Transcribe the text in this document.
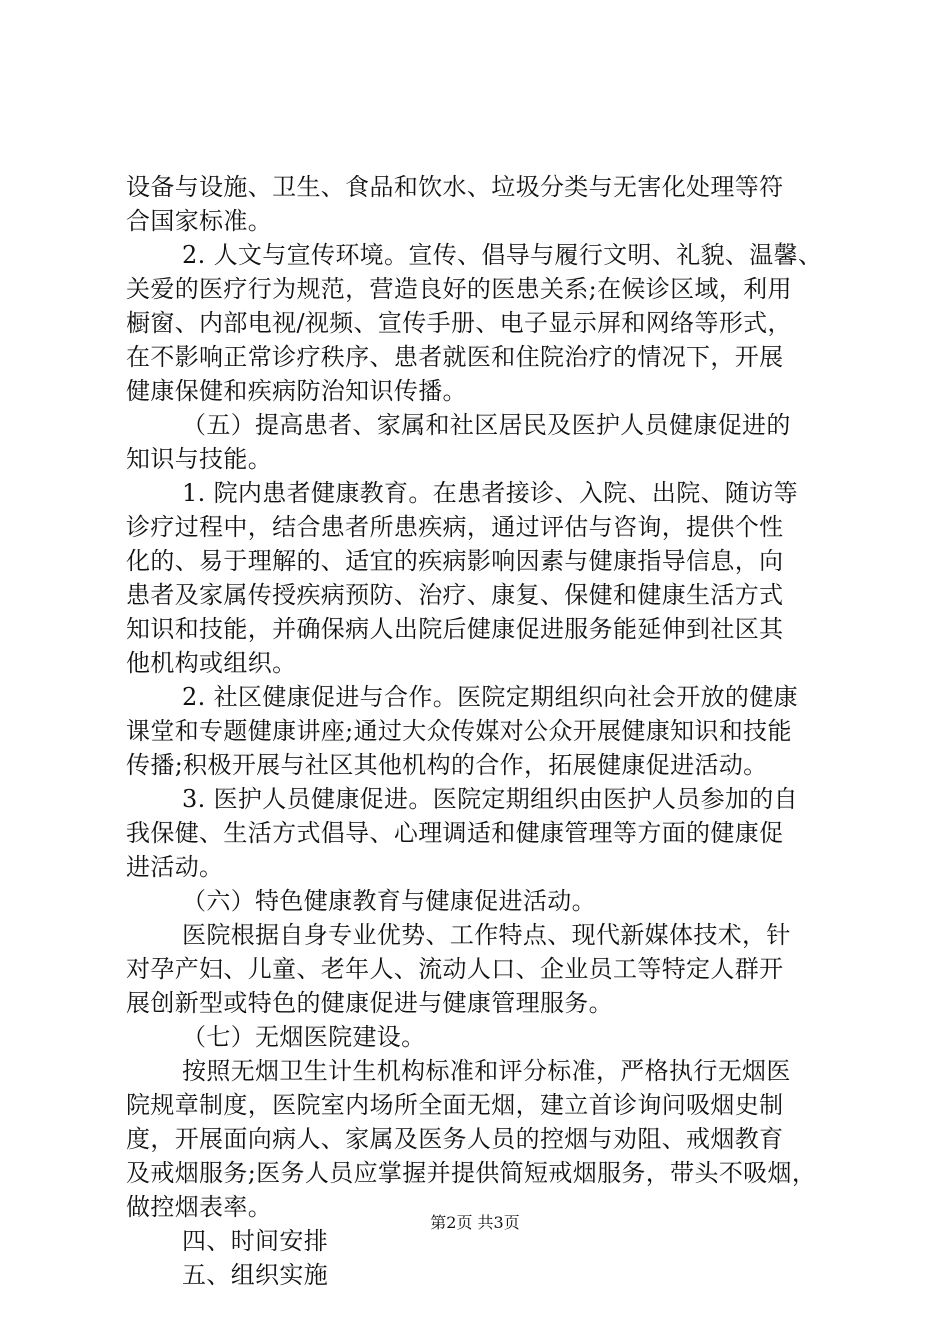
设备与设施、卫生、食品和饮水、垃圾分类与无害化处理等符
合国家标准。
2. 人文与宣传环境。宣传、倡导与履行文明、礼貌、温馨、
关爱的医疗行为规范，营造良好的医患关系;在候诊区域，利用
橱窗、内部电视/视频、宣传手册、电子显示屏和网络等形式，
在不影响正常诊疗秩序、患者就医和住院治疗的情况下，开展
健康保健和疾病防治知识传播。
（五）提高患者、家属和社区居民及医护人员健康促进的
知识与技能。
1. 院内患者健康教育。在患者接诊、入院、出院、随访等
诊疗过程中，结合患者所患疾病，通过评估与咨询，提供个性
化的、易于理解的、适宜的疾病影响因素与健康指导信息，向
患者及家属传授疾病预防、治疗、康复、保健和健康生活方式
知识和技能，并确保病人出院后健康促进服务能延伸到社区其
他机构或组织。
2. 社区健康促进与合作。医院定期组织向社会开放的健康
课堂和专题健康讲座;通过大众传媒对公众开展健康知识和技能
传播;积极开展与社区其他机构的合作，拓展健康促进活动。
3. 医护人员健康促进。医院定期组织由医护人员参加的自
我保健、生活方式倡导、心理调适和健康管理等方面的健康促
进活动。
（六）特色健康教育与健康促进活动。
医院根据自身专业优势、工作特点、现代新媒体技术，针
对孕产妇、儿童、老年人、流动人口、企业员工等特定人群开
展创新型或特色的健康促进与健康管理服务。
（七）无烟医院建设。
按照无烟卫生计生机构标准和评分标准，严格执行无烟医
院规章制度，医院室内场所全面无烟，建立首诊询问吸烟史制
度，开展面向病人、家属及医务人员的控烟与劝阻、戒烟教育
及戒烟服务;医务人员应掌握并提供简短戒烟服务，带头不吸烟，
做控烟表率。
四、时间安排
五、组织实施
第2页 共3页
